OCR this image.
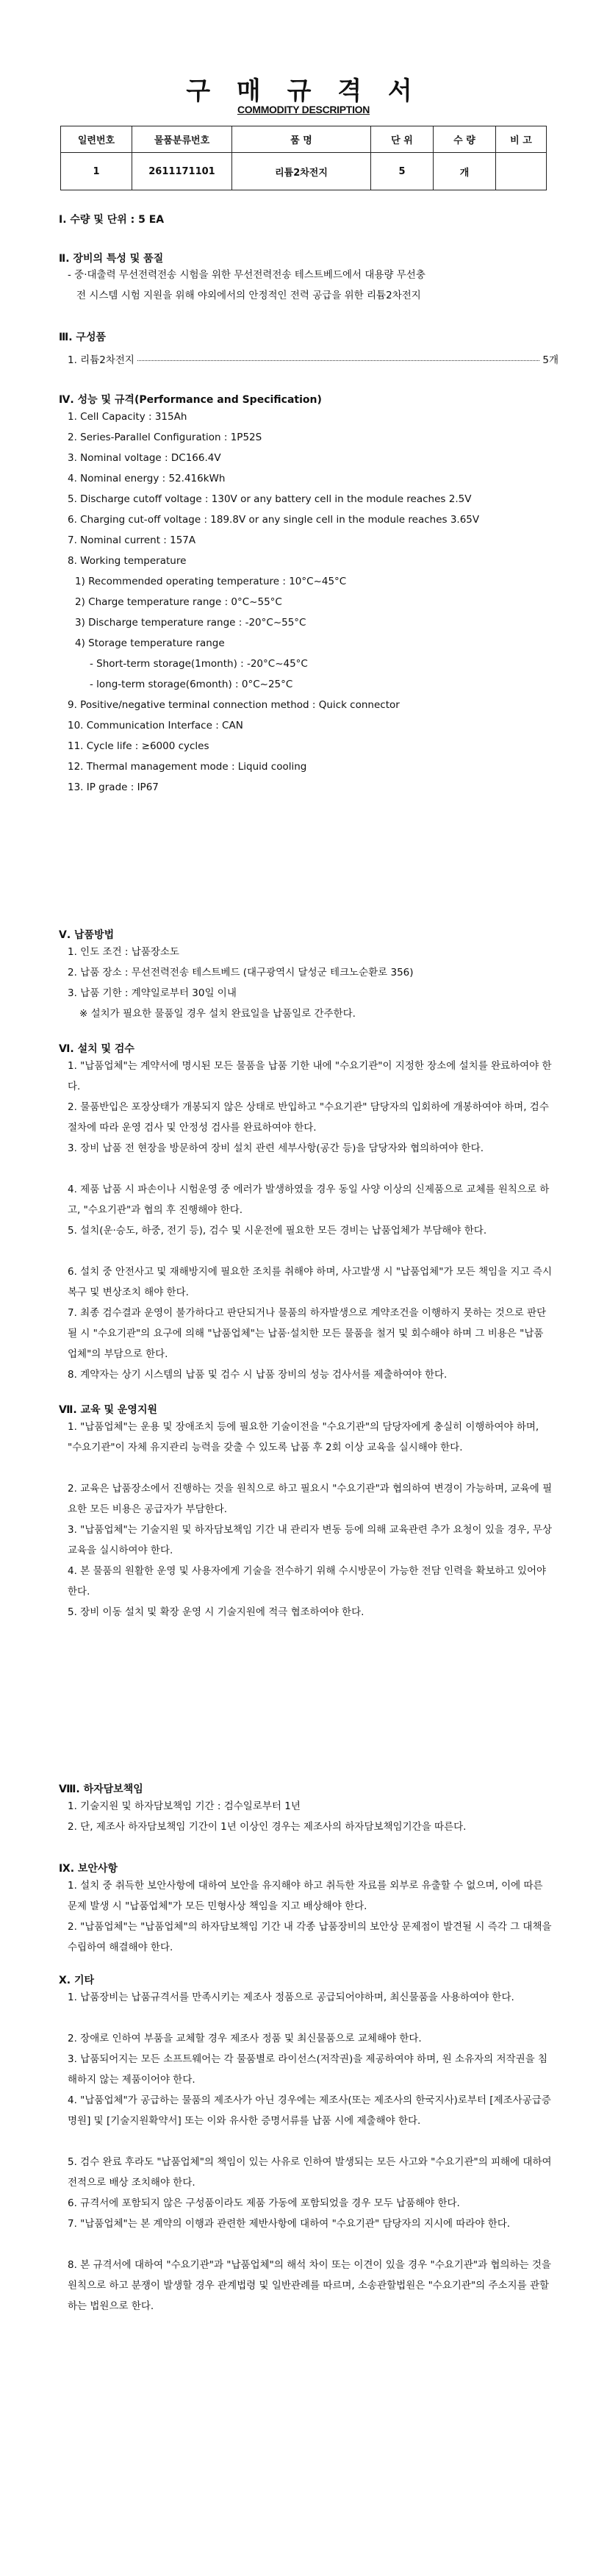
구 매 규 격 서
COMMODITY DESCRIPTION
일련번호	물품분류번호	품 명	단 위	수 량	비 고
1	2611171101	리튬2차전지	5	개	
Ⅰ. 수량 및 단위 : 5 EA
Ⅱ. 장비의 특성 및 품질
- 중·대출력 무선전력전송 시험을 위한 무선전력전송 테스트베드에서 대용량 무선충
전 시스템 시험 지원을 위해 야외에서의 안정적인 전력 공급을 위한 리튬2차전지
Ⅲ. 구성품
1. 리튬2차전지	5개
Ⅳ. 성능 및 규격(Performance and Specification)
1. Cell Capacity : 315Ah
2. Series-Parallel Configuration : 1P52S
3. Nominal voltage : DC166.4V
4. Nominal energy : 52.416kWh
5. Discharge cutoff voltage : 130V or any battery cell in the module reaches 2.5V
6. Charging cut-off voltage : 189.8V or any single cell in the module reaches 3.65V
7. Nominal current : 157A
8. Working temperature
1) Recommended operating temperature : 10°C~45°C
2) Charge temperature range : 0°C~55°C
3) Discharge temperature range : -20°C~55°C
4) Storage temperature range
- Short-term storage(1month) : -20°C~45°C
- long-term storage(6month) : 0°C~25°C
9. Positive/negative terminal connection method : Quick connector
10. Communication Interface : CAN
11. Cycle life : ≥6000 cycles
12. Thermal management mode : Liquid cooling
13. IP grade : IP67
Ⅴ. 납품방법
1. 인도 조건 : 납품장소도
2. 납품 장소 : 무선전력전송 테스트베드 (대구광역시 달성군 테크노순환로 356)
3. 납품 기한 : 계약일로부터 30일 이내
※ 설치가 필요한 물품일 경우 설치 완료일을 납품일로 간주한다.
Ⅵ. 설치 및 검수
1. "납품업체"는 계약서에 명시된 모든 물품을 납품 기한 내에 "수요기관"이 지정한 장소에 설치를 완료하여야 한다.
2. 물품반입은 포장상태가 개봉되지 않은 상태로 반입하고 "수요기관" 담당자의 입회하에 개봉하여야 하며, 검수절차에 따라 운영 검사 및 안정성 검사를 완료하여야 한다.
3. 장비 납품 전 현장을 방문하여 장비 설치 관련 세부사항(공간 등)을 담당자와 협의하여야 한다.
4. 제품 납품 시 파손이나 시험운영 중 에러가 발생하였을 경우 동일 사양 이상의 신제품으로 교체를 원칙으로 하고, "수요기관"과 협의 후 진행해야 한다.
5. 설치(운·승도, 하중, 전기 등), 검수 및 시운전에 필요한 모든 경비는 납품업체가 부담해야 한다.
6. 설치 중 안전사고 및 재해방지에 필요한 조치를 취해야 하며, 사고발생 시 "납품업체"가 모든 책임을 지고 즉시 복구 및 변상조치 해야 한다.
7. 최종 검수결과 운영이 불가하다고 판단되거나 물품의 하자발생으로 계약조건을 이행하지 못하는 것으로 판단될 시 "수요기관"의 요구에 의해 "납품업체"는 납품·설치한 모든 물품을 철거 및 회수해야 하며 그 비용은 "납품업체"의 부담으로 한다.
8. 계약자는 상기 시스템의 납품 및 검수 시 납품 장비의 성능 검사서를 제출하여야 한다.
Ⅶ. 교육 및 운영지원
1. "납품업체"는 운용 및 장애조치 등에 필요한 기술이전을 "수요기관"의 담당자에게 충실히 이행하여야 하며, "수요기관"이 자체 유지관리 능력을 갖출 수 있도록 납품 후 2회 이상 교육을 실시해야 한다.
2. 교육은 납품장소에서 진행하는 것을 원칙으로 하고 필요시 "수요기관"과 협의하여 변경이 가능하며, 교육에 필요한 모든 비용은 공급자가 부담한다.
3. "납품업체"는 기술지원 및 하자담보책임 기간 내 관리자 변동 등에 의해 교육관련 추가 요청이 있을 경우, 무상교육을 실시하여야 한다.
4. 본 물품의 원활한 운영 및 사용자에게 기술을 전수하기 위해 수시방문이 가능한 전담 인력을 확보하고 있어야 한다.
5. 장비 이동 설치 및 확장 운영 시 기술지원에 적극 협조하여야 한다.
Ⅷ. 하자담보책임
1. 기술지원 및 하자담보책임 기간 : 검수일로부터 1년
2. 단, 제조사 하자담보책임 기간이 1년 이상인 경우는 제조사의 하자담보책임기간을 따른다.
Ⅸ. 보안사항
1. 설치 중 취득한 보안사항에 대하여 보안을 유지해야 하고 취득한 자료를 외부로 유출할 수 없으며, 이에 따른 문제 발생 시 "납품업체"가 모든 민형사상 책임을 지고 배상해야 한다.
2. "납품업체"는 "납품업체"의 하자담보책임 기간 내 각종 납품장비의 보안상 문제점이 발견될 시 즉각 그 대책을 수립하여 해결해야 한다.
Ⅹ. 기타
1. 납품장비는 납품규격서를 만족시키는 제조사 정품으로 공급되어야하며, 최신물품을 사용하여야 한다.
2. 장애로 인하여 부품을 교체할 경우 제조사 정품 및 최신물품으로 교체해야 한다.
3. 납품되어지는 모든 소프트웨어는 각 물품별로 라이선스(저작권)을 제공하여야 하며, 원 소유자의 저작권을 침해하지 않는 제품이어야 한다.
4. "납품업체"가 공급하는 물품의 제조사가 아닌 경우에는 제조사(또는 제조사의 한국지사)로부터 [제조사공급증명원] 및 [기술지원확약서] 또는 이와 유사한 증명서류를 납품 시에 제출해야 한다.
5. 검수 완료 후라도 "납품업체"의 책임이 있는 사유로 인하여 발생되는 모든 사고와 "수요기관"의 피해에 대하여 전적으로 배상 조치해야 한다.
6. 규격서에 포함되지 않은 구성품이라도 제품 가동에 포함되었을 경우 모두 납품해야 한다.
7. "납품업체"는 본 계약의 이행과 관련한 제반사항에 대하여 "수요기관" 담당자의 지시에 따라야 한다.
8. 본 규격서에 대하여 "수요기관"과 "납품업체"의 해석 차이 또는 이견이 있을 경우 "수요기관"과 협의하는 것을 원칙으로 하고 분쟁이 발생할 경우 관계법령 및 일반관례를 따르며, 소송관할법원은 "수요기관"의 주소지를 관할하는 법원으로 한다.
